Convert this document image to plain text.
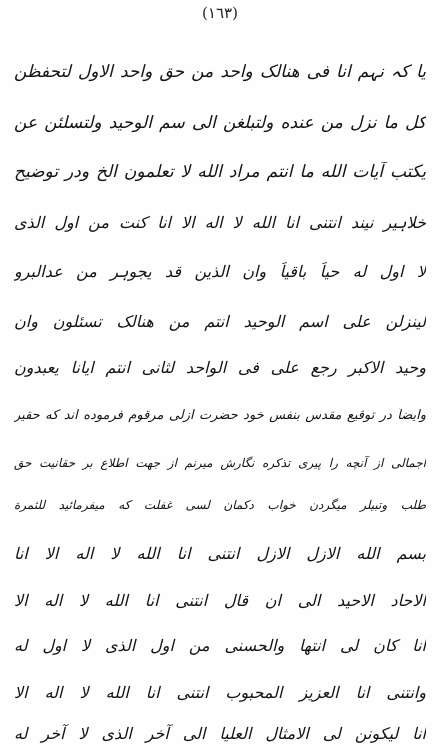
(١٦٣)
یا کہ نہم انا فی ھنالک واحد من حق واحد الاول لتحفظن
کل ما نزل من عنده ولتبلغن الی سم الوحید ولتسلئن عن
یکتب آیات الله ما انتم مراد الله لا تعلمون الخ ودر توضیح
خلاہیر نیند انتنی انا الله لا اله الا انا کنت من اول الذی
لا اول له حیاً باقیاً وان الذین قد یجوہر من عدالبرو
لینزلن علی اسم الوحید انتم من ھنالک تسئلون وان
وحید الاکبر رجع علی فی الواحد لثانی انتم ایانا یعبدون
وایضاً در توقیع مقدس بنفس خود حضرت ازلی مرقوم فرموده اند که حقیر
اجمالی از آنچه را پیری تذکره نگارش میرنم از جهت اطلاع بر حقانیت حق
طلب وتبیلر میگردن خواب دکمان لسی غفلت که میفرمائید للثمرة
بسم الله الازل الازل انتنی انا الله لا اله الا انا
الاحاد الاحید الی ان قال انتنی انا الله لا اله الا
انا کان لی انتها والحسنی من اول الذی لا اول له
وانتنی انا العزیز المحبوب انتنی انا الله لا اله الا
انا لیکونن لی الامثال العلیا الی آخر الذی لا آخر له
